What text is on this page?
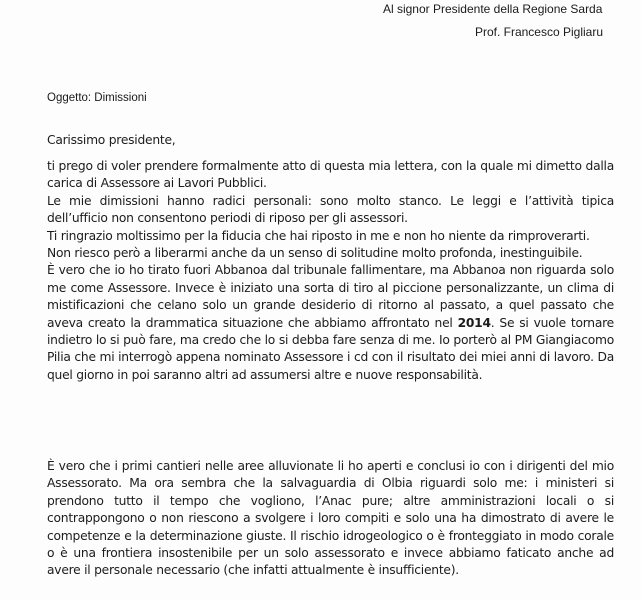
Al signor Presidente della Regione Sarda
Prof. Francesco Pigliaru
Oggetto: Dimissioni
Carissimo presidente,

ti prego di voler prendere formalmente atto di questa mia lettera, con la quale mi dimetto dalla carica di Assessore ai Lavori Pubblici.

Le mie dimissioni hanno radici personali: sono molto stanco. Le leggi e l’attività tipica dell’ufficio non consentono periodi di riposo per gli assessori.

Ti ringrazio moltissimo per la fiducia che hai riposto in me e non ho niente da rimproverarti.

Non riesco però a liberarmi anche da un senso di solitudine molto profonda, inestinguibile.

È vero che io ho tirato fuori Abbanoa dal tribunale fallimentare, ma Abbanoa non riguarda solo me come Assessore. Invece è iniziato una sorta di tiro al piccione personalizzante, un clima di mistificazioni che celano solo un grande desiderio di ritorno al passato, a quel passato che aveva creato la drammatica situazione che abbiamo affrontato nel 2014. Se si vuole tornare indietro lo si può fare, ma credo che lo si debba fare senza di me. Io porterò al PM Giangiacomo Pilia che mi interrogò appena nominato Assessore i cd con il risultato dei miei anni di lavoro. Da quel giorno in poi saranno altri ad assumersi altre e nuove responsabilità.

È vero che i primi cantieri nelle aree alluvionate li ho aperti e conclusi io con i dirigenti del mio Assessorato. Ma ora sembra che la salvaguardia di Olbia riguardi solo me: i ministeri si prendono tutto il tempo che vogliono, l’Anac pure; altre amministrazioni locali o si contrappongono o non riescono a svolgere i loro compiti e solo una ha dimostrato di avere le competenze e la determinazione giuste. Il rischio idrogeologico o è fronteggiato in modo corale o è una frontiera insostenibile per un solo assessorato e invece abbiamo faticato anche ad avere il personale necessario (che infatti attualmente è insufficiente).
